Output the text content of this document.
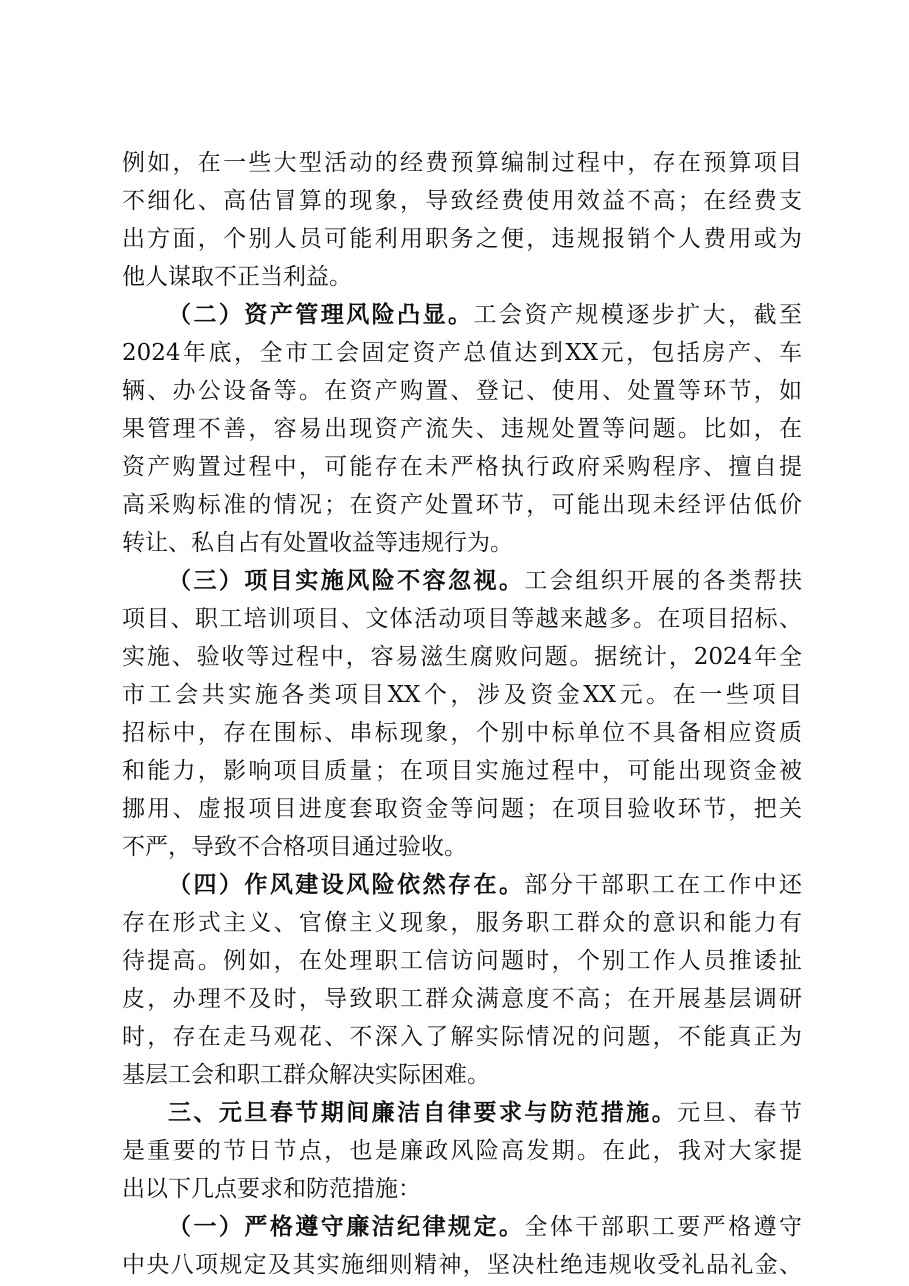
例如，在一些大型活动的经费预算编制过程中，存在预算项目
不细化、高估冒算的现象，导致经费使用效益不高；在经费支
出方面，个别人员可能利用职务之便，违规报销个人费用或为
他人谋取不正当利益。
（二）资产管理风险凸显。工会资产规模逐步扩大，截至
2024年底，全市工会固定资产总值达到XX元，包括房产、车
辆、办公设备等。在资产购置、登记、使用、处置等环节，如
果管理不善，容易出现资产流失、违规处置等问题。比如，在
资产购置过程中，可能存在未严格执行政府采购程序、擅自提
高采购标准的情况；在资产处置环节，可能出现未经评估低价
转让、私自占有处置收益等违规行为。
（三）项目实施风险不容忽视。工会组织开展的各类帮扶
项目、职工培训项目、文体活动项目等越来越多。在项目招标、
实施、验收等过程中，容易滋生腐败问题。据统计，2024年全
市工会共实施各类项目XX个，涉及资金XX元。在一些项目
招标中，存在围标、串标现象，个别中标单位不具备相应资质
和能力，影响项目质量；在项目实施过程中，可能出现资金被
挪用、虚报项目进度套取资金等问题；在项目验收环节，把关
不严，导致不合格项目通过验收。
（四）作风建设风险依然存在。部分干部职工在工作中还
存在形式主义、官僚主义现象，服务职工群众的意识和能力有
待提高。例如，在处理职工信访问题时，个别工作人员推诿扯
皮，办理不及时，导致职工群众满意度不高；在开展基层调研
时，存在走马观花、不深入了解实际情况的问题，不能真正为
基层工会和职工群众解决实际困难。
三、元旦春节期间廉洁自律要求与防范措施。元旦、春节
是重要的节日节点，也是廉政风险高发期。在此，我对大家提
出以下几点要求和防范措施：
（一）严格遵守廉洁纪律规定。全体干部职工要严格遵守
中央八项规定及其实施细则精神，坚决杜绝违规收受礼品礼金、
